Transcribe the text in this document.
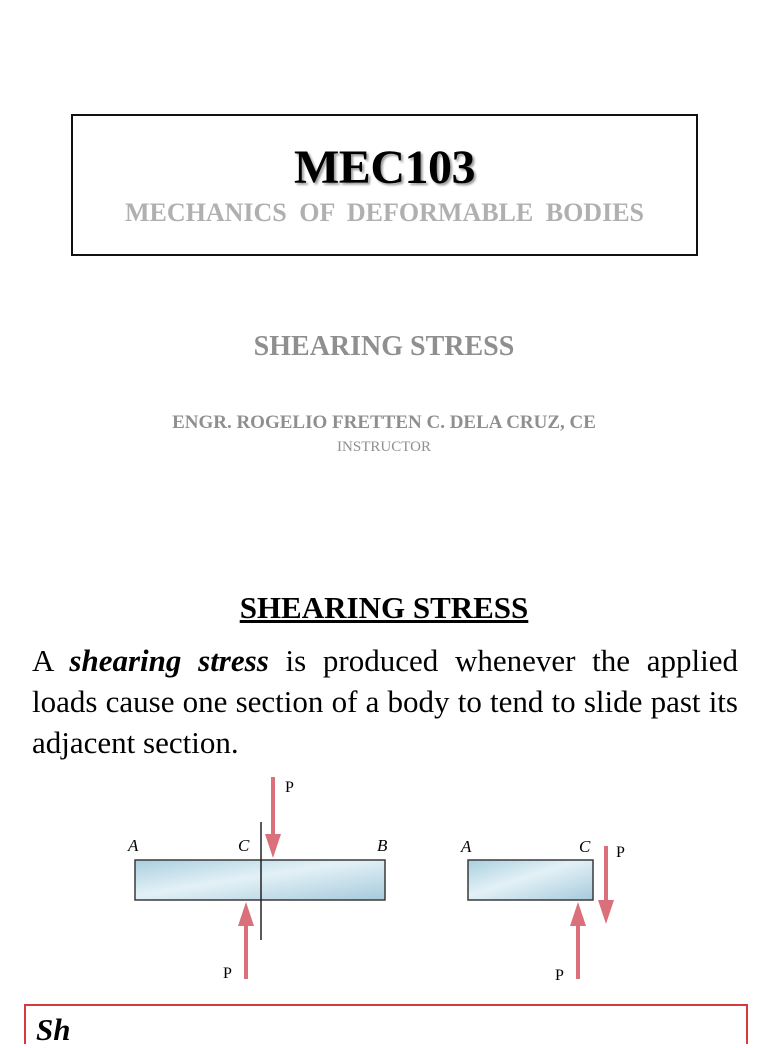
MEC103
MECHANICS OF DEFORMABLE BODIES
SHEARING STRESS
ENGR. ROGELIO FRETTEN C. DELA CRUZ, CE
INSTRUCTOR
SHEARING STRESS

A shearing stress is produced whenever the applied loads cause one section of a body to tend to slide past its adjacent section.

A	C	B
P
P
A	C P
P
Sh
